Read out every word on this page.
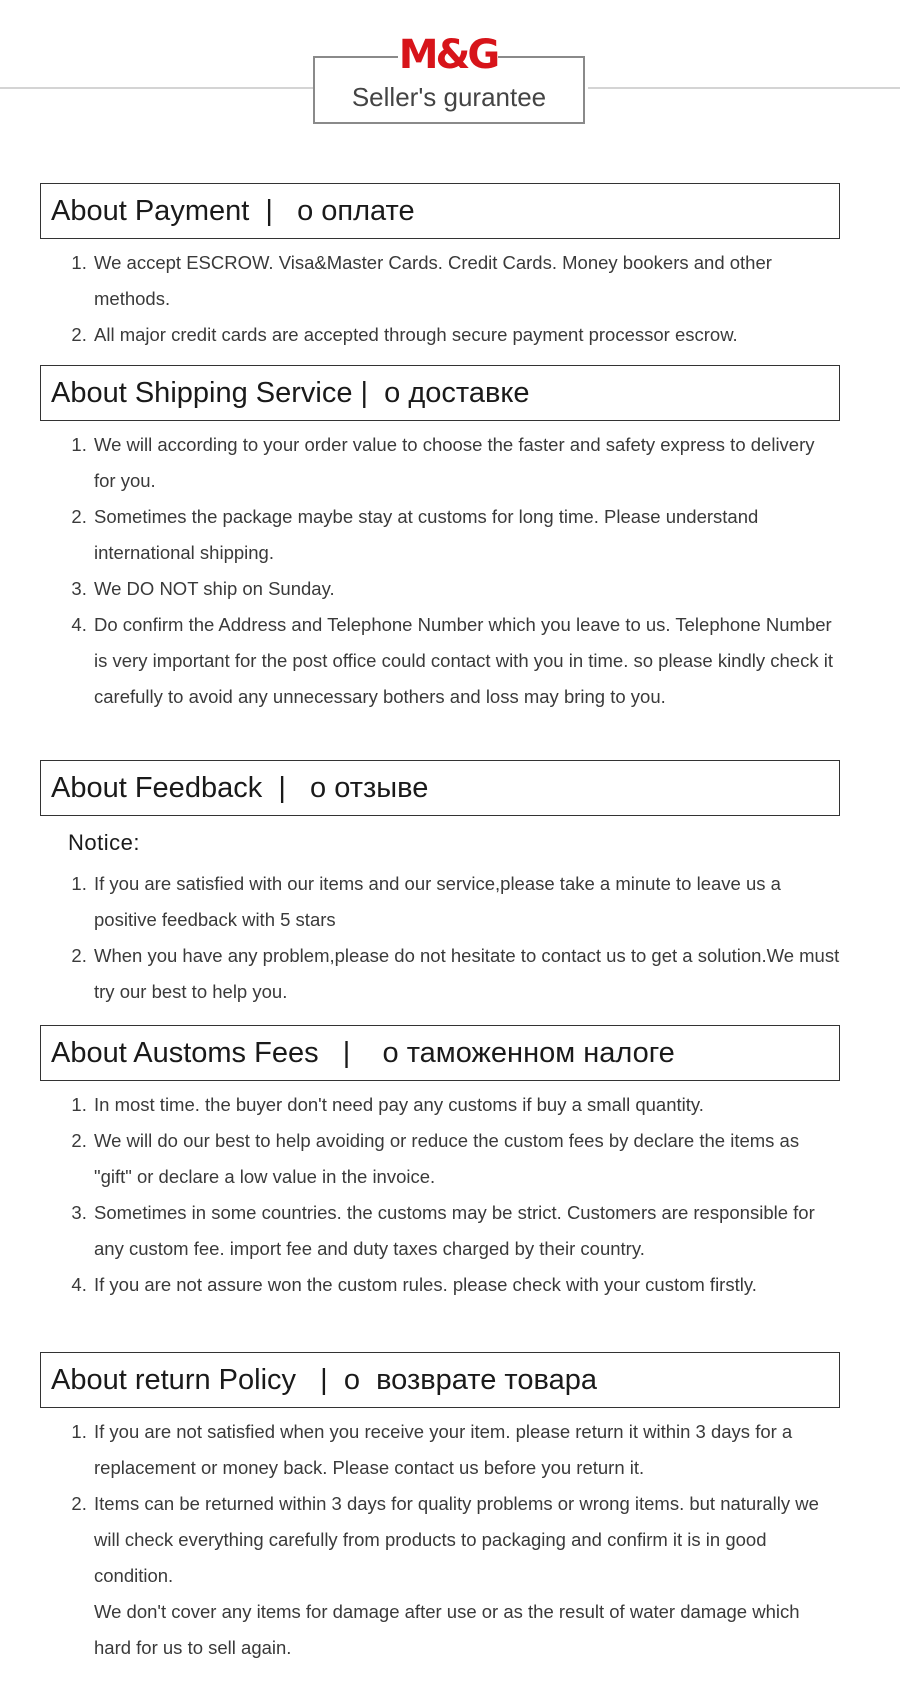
M&G
Seller's gurantee
About Payment  |   о оплате
1. We accept ESCROW. Visa&Master Cards. Credit Cards. Money bookers and other methods.
2. All major credit cards are accepted through secure payment processor escrow.
About Shipping Service |  о доставке
1. We will according to your order value to choose the faster and safety express to delivery for you.
2. Sometimes the package maybe stay at customs for long time. Please understand international shipping.
3. We DO NOT ship on Sunday.
4. Do confirm the Address and Telephone Number which you leave to us. Telephone Number is very important for the post office could contact with you in time. so please kindly check it carefully to avoid any unnecessary bothers and loss may bring to you.
About Feedback  |   о отзыве
Notice:
1. If you are satisfied with our items and our service,please take a minute to leave us a positive feedback with 5 stars
2. When you have any problem,please do not hesitate to contact us to get a solution.We must try our best to help you.
About Austoms Fees   |    о таможенном налоге
1. In most time. the buyer don't need pay any customs if buy a small quantity.
2. We will do our best to help avoiding or reduce the custom fees by declare the items as "gift" or declare a low value in the invoice.
3. Sometimes in some countries. the customs may be strict. Customers are responsible for any custom fee. import fee and duty taxes charged by their country.
4. If you are not assure won the custom rules. please check with your custom firstly.
About return Policy   |  о  возврате товара
1. If you are not satisfied when you receive your item. please return it within 3 days for a replacement or money back. Please contact us before you return it.
2. Items can be returned within 3 days for quality problems or wrong items. but naturally we will check everything carefully from products to packaging and confirm it is in good condition.
We don't cover any items for damage after use or as the result of water damage which hard for us to sell again.
